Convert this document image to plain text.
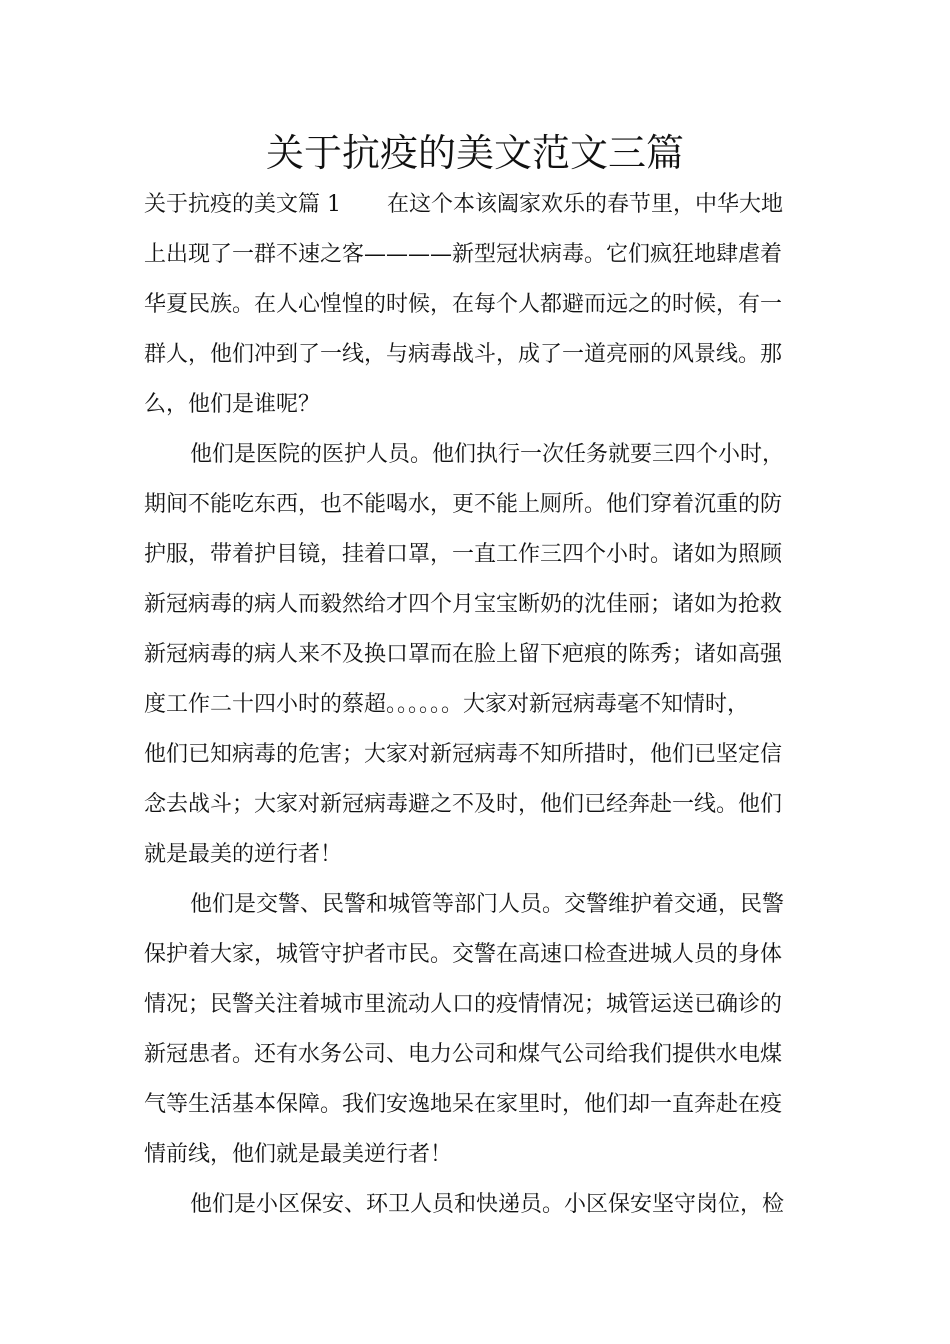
关于抗疫的美文范文三篇
关于抗疫的美文篇 1 在这个本该阖家欢乐的春节里，中华大地
上出现了一群不速之客————新型冠状病毒。它们疯狂地肆虐着
华夏民族。在人心惶惶的时候，在每个人都避而远之的时候，有一
群人，他们冲到了一线，与病毒战斗，成了一道亮丽的风景线。那
么，他们是谁呢？
他们是医院的医护人员。他们执行一次任务就要三四个小时，
期间不能吃东西，也不能喝水，更不能上厕所。他们穿着沉重的防
护服，带着护目镜，挂着口罩，一直工作三四个小时。诸如为照顾
新冠病毒的病人而毅然给才四个月宝宝断奶的沈佳丽；诸如为抢救
新冠病毒的病人来不及换口罩而在脸上留下疤痕的陈秀；诸如高强
度工作二十四小时的蔡超。。。。。。大家对新冠病毒毫不知情时，
他们已知病毒的危害；大家对新冠病毒不知所措时，他们已坚定信
念去战斗；大家对新冠病毒避之不及时，他们已经奔赴一线。他们
就是最美的逆行者！
他们是交警、民警和城管等部门人员。交警维护着交通，民警
保护着大家，城管守护者市民。交警在高速口检查进城人员的身体
情况；民警关注着城市里流动人口的疫情情况；城管运送已确诊的
新冠患者。还有水务公司、电力公司和煤气公司给我们提供水电煤
气等生活基本保障。我们安逸地呆在家里时，他们却一直奔赴在疫
情前线，他们就是最美逆行者！
他们是小区保安、环卫人员和快递员。小区保安坚守岗位，检
